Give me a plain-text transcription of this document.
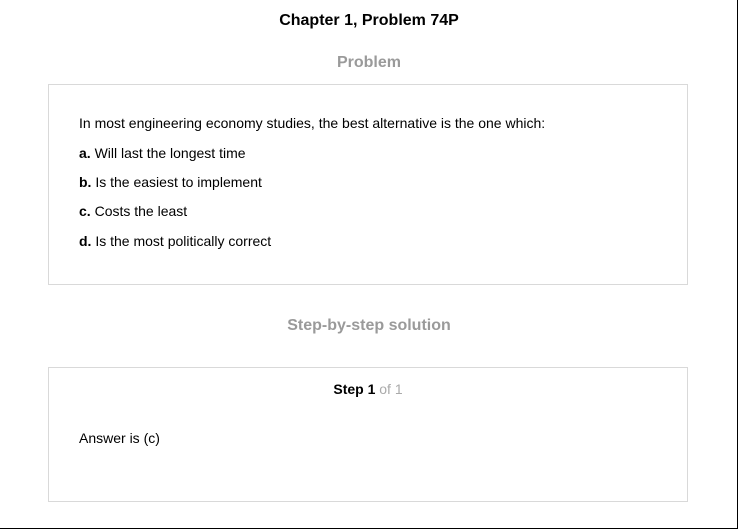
Chapter 1, Problem 74P
Problem
In most engineering economy studies, the best alternative is the one which:
a. Will last the longest time
b. Is the easiest to implement
c. Costs the least
d. Is the most politically correct
Step-by-step solution
Step 1 of 1
Answer is (c)
